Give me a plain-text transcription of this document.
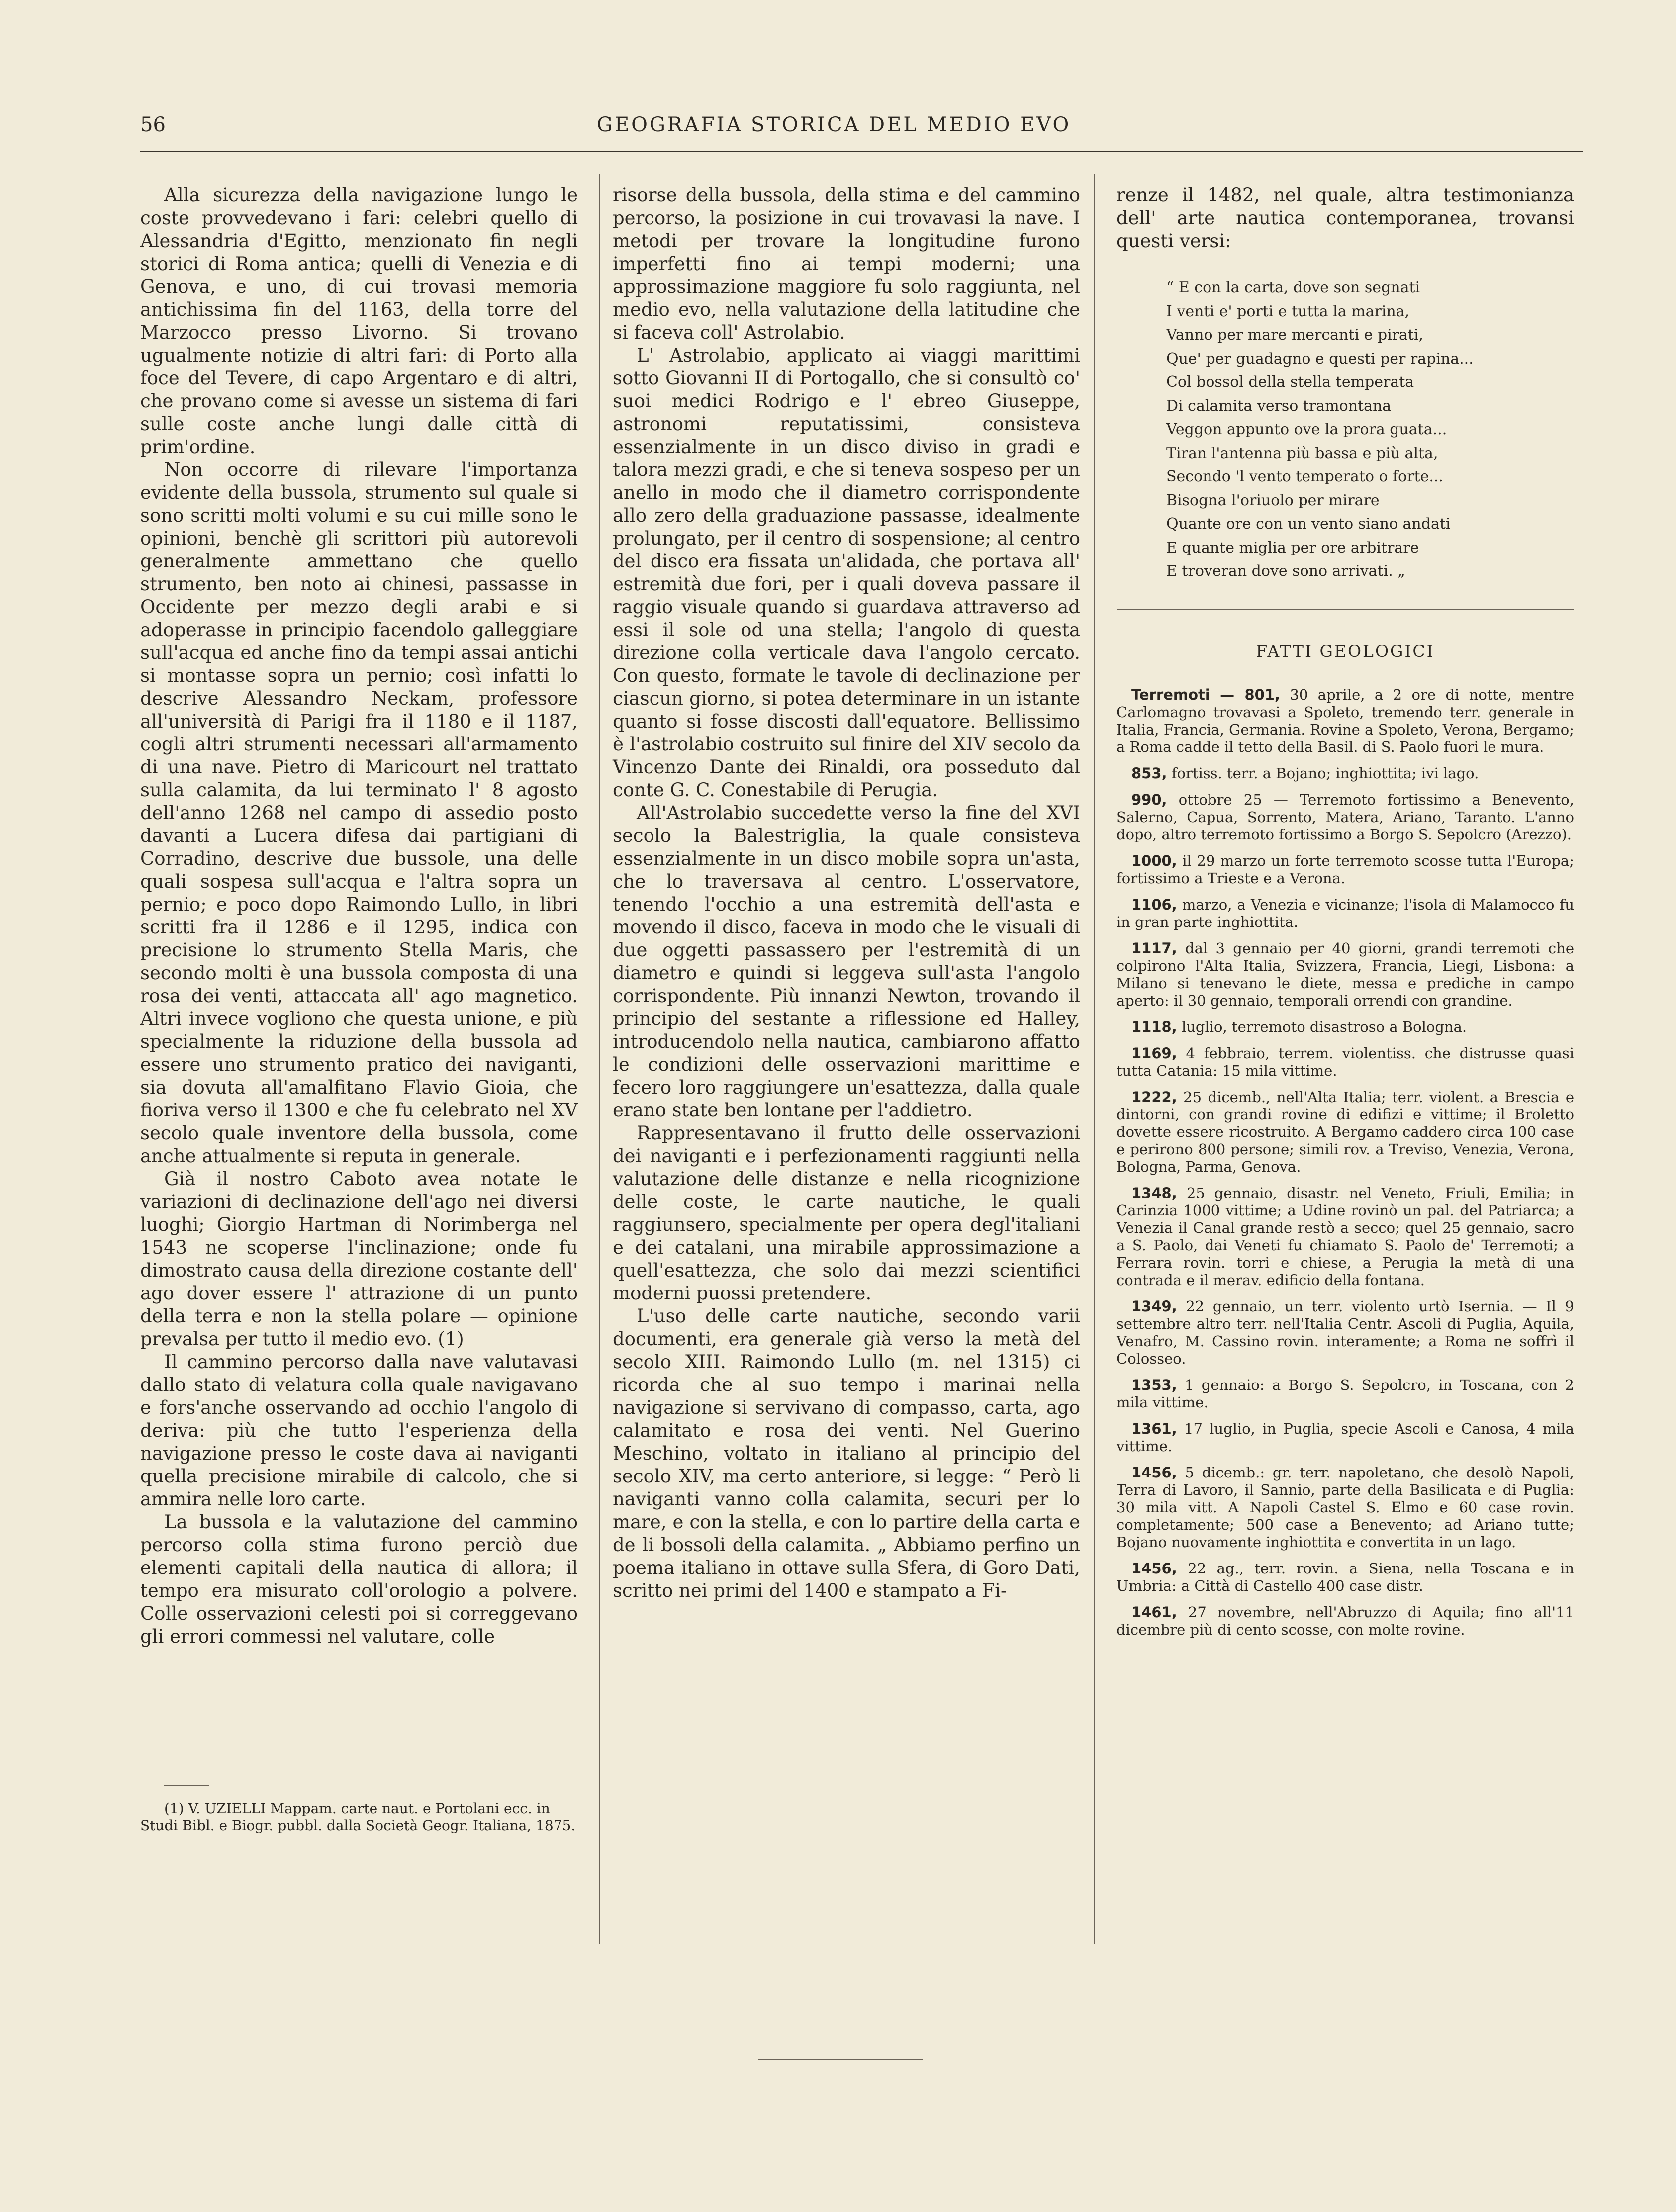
56	GEOGRAFIA STORICA DEL MEDIO EVO

Alla sicurezza della navigazione lungo le coste provvedevano i fari: celebri quello di Alessandria d'Egitto, menzionato fin negli storici di Roma antica; quelli di Venezia e di Genova, e uno, di cui trovasi memoria antichissima fin del 1163, della torre del Marzocco presso Livorno. Si trovano ugualmente notizie di altri fari: di Porto alla foce del Tevere, di capo Argentaro e di altri, che provano come si avesse un sistema di fari sulle coste anche lungi dalle città di prim'ordine.

Non occorre di rilevare l'importanza evidente della bussola, strumento sul quale si sono scritti molti volumi e su cui mille sono le opinioni, benchè gli scrittori più autorevoli generalmente ammettano che quello strumento, ben noto ai chinesi, passasse in Occidente per mezzo degli arabi e si adoperasse in principio facendolo galleggiare sull'acqua ed anche fino da tempi assai antichi si montasse sopra un pernio; così infatti lo descrive Alessandro Neckam, professore all'università di Parigi fra il 1180 e il 1187, cogli altri strumenti necessari all'armamento di una nave. Pietro di Maricourt nel trattato sulla calamita, da lui terminato l' 8 agosto dell'anno 1268 nel campo di assedio posto davanti a Lucera difesa dai partigiani di Corradino, descrive due bussole, una delle quali sospesa sull'acqua e l'altra sopra un pernio; e poco dopo Raimondo Lullo, in libri scritti fra il 1286 e il 1295, indica con precisione lo strumento Stella Maris, che secondo molti è una bussola composta di una rosa dei venti, attaccata all' ago magnetico. Altri invece vogliono che questa unione, e più specialmente la riduzione della bussola ad essere uno strumento pratico dei naviganti, sia dovuta all'amalfitano Flavio Gioia, che fioriva verso il 1300 e che fu celebrato nel XV secolo quale inventore della bussola, come anche attualmente si reputa in generale.

Già il nostro Caboto avea notate le variazioni di declinazione dell'ago nei diversi luoghi; Giorgio Hartman di Norimberga nel 1543 ne scoperse l'inclinazione; onde fu dimostrato causa della direzione costante dell' ago dover essere l' attrazione di un punto della terra e non la stella polare — opinione prevalsa per tutto il medio evo. (1)

Il cammino percorso dalla nave valutavasi dallo stato di velatura colla quale navigavano e fors'anche osservando ad occhio l'angolo di deriva: più che tutto l'esperienza della navigazione presso le coste dava ai naviganti quella precisione mirabile di calcolo, che si ammira nelle loro carte.

La bussola e la valutazione del cammino percorso colla stima furono perciò due elementi capitali della nautica di allora; il tempo era misurato coll'orologio a polvere. Colle osservazioni celesti poi si correggevano gli errori commessi nel valutare, colle

(1) V. UZIELLI Mappam. carte naut. e Portolani ecc. in Studi Bibl. e Biogr. pubbl. dalla Società Geogr. Italiana, 1875.

risorse della bussola, della stima e del cammino percorso, la posizione in cui trovavasi la nave. I metodi per trovare la longitudine furono imperfetti fino ai tempi moderni; una approssimazione maggiore fu solo raggiunta, nel medio evo, nella valutazione della latitudine che si faceva coll' Astrolabio.

L' Astrolabio, applicato ai viaggi marittimi sotto Giovanni II di Portogallo, che si consultò co' suoi medici Rodrigo e l' ebreo Giuseppe, astronomi reputatissimi, consisteva essenzialmente in un disco diviso in gradi e talora mezzi gradi, e che si teneva sospeso per un anello in modo che il diametro corrispondente allo zero della graduazione passasse, idealmente prolungato, per il centro di sospensione; al centro del disco era fissata un'alidada, che portava all' estremità due fori, per i quali doveva passare il raggio visuale quando si guardava attraverso ad essi il sole od una stella; l'angolo di questa direzione colla verticale dava l'angolo cercato. Con questo, formate le tavole di declinazione per ciascun giorno, si potea determinare in un istante quanto si fosse discosti dall'equatore. Bellissimo è l'astrolabio costruito sul finire del XIV secolo da Vincenzo Dante dei Rinaldi, ora posseduto dal conte G. C. Conestabile di Perugia.

All'Astrolabio succedette verso la fine del XVI secolo la Balestriglia, la quale consisteva essenzialmente in un disco mobile sopra un'asta, che lo traversava al centro. L'osservatore, tenendo l'occhio a una estremità dell'asta e movendo il disco, faceva in modo che le visuali di due oggetti passassero per l'estremità di un diametro e quindi si leggeva sull'asta l'angolo corrispondente. Più innanzi Newton, trovando il principio del sestante a riflessione ed Halley, introducendolo nella nautica, cambiarono affatto le condizioni delle osservazioni marittime e fecero loro raggiungere un'esattezza, dalla quale erano state ben lontane per l'addietro.

Rappresentavano il frutto delle osservazioni dei naviganti e i perfezionamenti raggiunti nella valutazione delle distanze e nella ricognizione delle coste, le carte nautiche, le quali raggiunsero, specialmente per opera degl'italiani e dei catalani, una mirabile approssimazione a quell'esattezza, che solo dai mezzi scientifici moderni puossi pretendere.

L'uso delle carte nautiche, secondo varii documenti, era generale già verso la metà del secolo XIII. Raimondo Lullo (m. nel 1315) ci ricorda che al suo tempo i marinai nella navigazione si servivano di compasso, carta, ago calamitato e rosa dei venti. Nel Guerino Meschino, voltato in italiano al principio del secolo XIV, ma certo anteriore, si legge: “ Però li naviganti vanno colla calamita, securi per lo mare, e con la stella, e con lo partire della carta e de li bossoli della calamita. „ Abbiamo perfino un poema italiano in ottave sulla Sfera, di Goro Dati, scritto nei primi del 1400 e stampato a Fi-

renze il 1482, nel quale, altra testimonianza dell' arte nautica contemporanea, trovansi questi versi:

“ E con la carta, dove son segnati
I venti e' porti e tutta la marina,
Vanno per mare mercanti e pirati,
Que' per guadagno e questi per rapina...
Col bossol della stella temperata
Di calamita verso tramontana
Veggon appunto ove la prora guata...
Tiran l'antenna più bassa e più alta,
Secondo 'l vento temperato o forte...
Bisogna l'oriuolo per mirare
Quante ore con un vento siano andati
E quante miglia per ore arbitrare
E troveran dove sono arrivati. „
FATTI GEOLOGICI

Terremoti — 801, 30 aprile, a 2 ore di notte, mentre Carlomagno trovavasi a Spoleto, tremendo terr. generale in Italia, Francia, Germania. Rovine a Spoleto, Verona, Bergamo; a Roma cadde il tetto della Basil. di S. Paolo fuori le mura.

853, fortiss. terr. a Bojano; inghiottita; ivi lago.

990, ottobre 25 — Terremoto fortissimo a Benevento, Salerno, Capua, Sorrento, Matera, Ariano, Taranto. L'anno dopo, altro terremoto fortissimo a Borgo S. Sepolcro (Arezzo).

1000, il 29 marzo un forte terremoto scosse tutta l'Europa; fortissimo a Trieste e a Verona.

1106, marzo, a Venezia e vicinanze; l'isola di Malamocco fu in gran parte inghiottita.

1117, dal 3 gennaio per 40 giorni, grandi terremoti che colpirono l'Alta Italia, Svizzera, Francia, Liegi, Lisbona: a Milano si tenevano le diete, messa e prediche in campo aperto: il 30 gennaio, temporali orrendi con grandine.

1118, luglio, terremoto disastroso a Bologna.

1169, 4 febbraio, terrem. violentiss. che distrusse quasi tutta Catania: 15 mila vittime.

1222, 25 dicemb., nell'Alta Italia; terr. violent. a Brescia e dintorni, con grandi rovine di edifizi e vittime; il Broletto dovette essere ricostruito. A Bergamo caddero circa 100 case e perirono 800 persone; simili rov. a Treviso, Venezia, Verona, Bologna, Parma, Genova.

1348, 25 gennaio, disastr. nel Veneto, Friuli, Emilia; in Carinzia 1000 vittime; a Udine rovinò un pal. del Patriarca; a Venezia il Canal grande restò a secco; quel 25 gennaio, sacro a S. Paolo, dai Veneti fu chiamato S. Paolo de' Terremoti; a Ferrara rovin. torri e chiese, a Perugia la metà di una contrada e il merav. edificio della fontana.

1349, 22 gennaio, un terr. violento urtò Isernia. — Il 9 settembre altro terr. nell'Italia Centr. Ascoli di Puglia, Aquila, Venafro, M. Cassino rovin. interamente; a Roma ne soffrì il Colosseo.

1353, 1 gennaio: a Borgo S. Sepolcro, in Toscana, con 2 mila vittime.

1361, 17 luglio, in Puglia, specie Ascoli e Canosa, 4 mila vittime.

1456, 5 dicemb.: gr. terr. napoletano, che desolò Napoli, Terra di Lavoro, il Sannio, parte della Basilicata e di Puglia: 30 mila vitt. A Napoli Castel S. Elmo e 60 case rovin. completamente; 500 case a Benevento; ad Ariano tutte; Bojano nuovamente inghiottita e convertita in un lago.

1456, 22 ag., terr. rovin. a Siena, nella Toscana e in Umbria: a Città di Castello 400 case distr.

1461, 27 novembre, nell'Abruzzo di Aquila; fino all'11 dicembre più di cento scosse, con molte rovine.
